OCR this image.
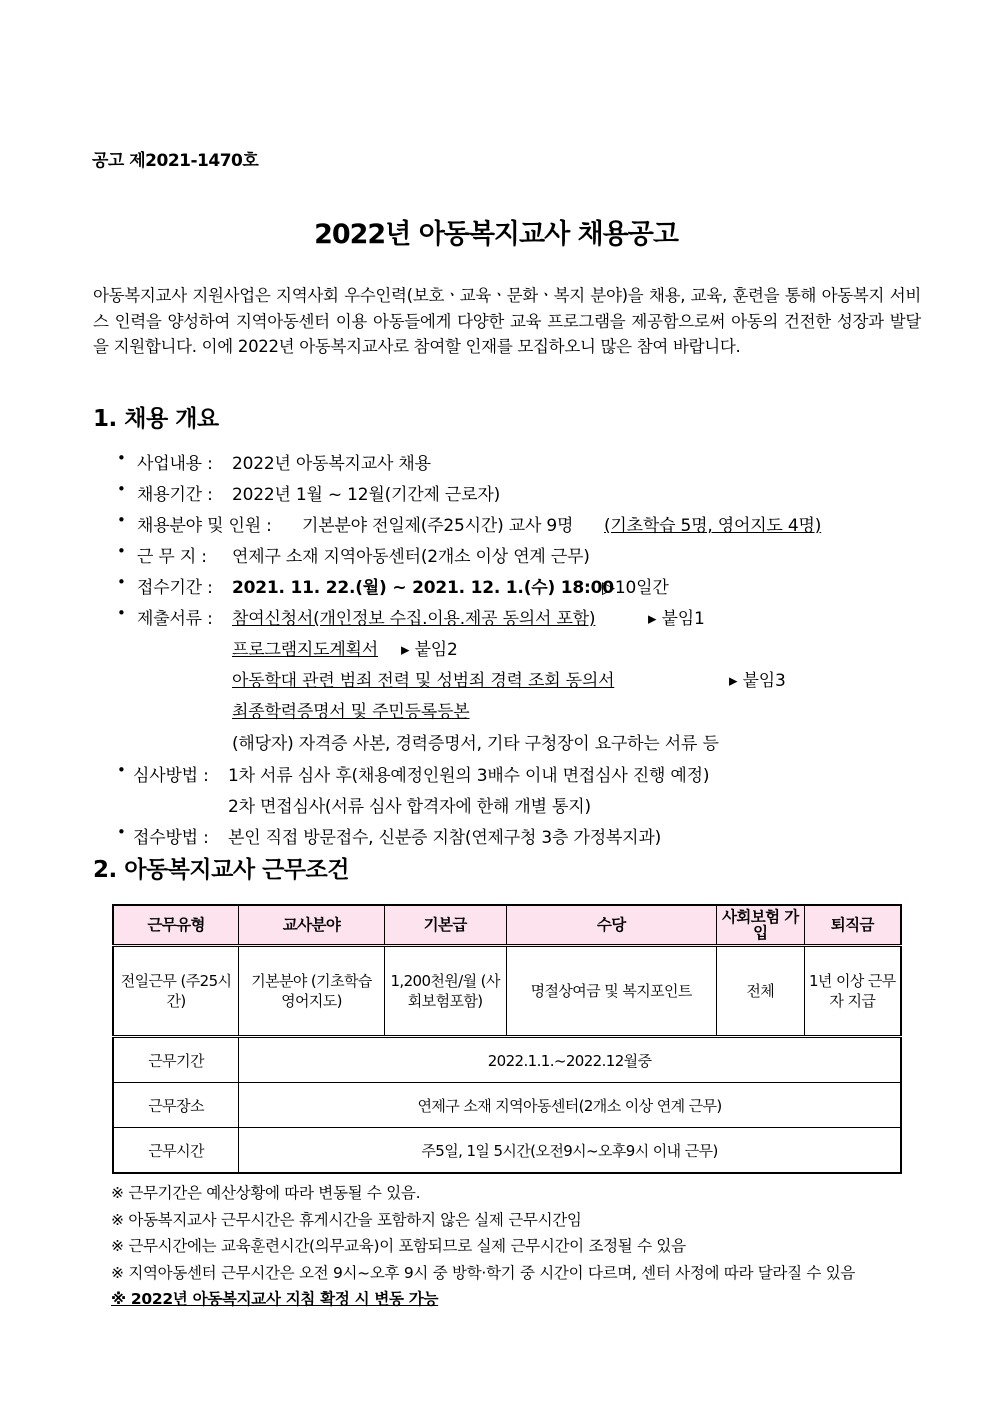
공고 제2021-1470호
2022년 아동복지교사 채용공고
아동복지교사 지원사업은 지역사회 우수인력(보호ㆍ교육ㆍ문화ㆍ복지 분야)을 채용, 교육, 훈련을 통해 아동복지 서비스 인력을 양성하여 지역아동센터 이용 아동들에게 다양한 교육 프로그램을 제공함으로써 아동의 건전한 성장과 발달을 지원합니다. 이에 2022년 아동복지교사로 참여할 인재를 모집하오니 많은 참여 바랍니다.
1. 채용 개요
• 사업내용 : 2022년 아동복지교사 채용
• 채용기간 : 2022년 1월 ~ 12월(기간제 근로자)
• 채용분야 및 인원 : 기본분야 전일제(주25시간) 교사 9명 (기초학습 5명, 영어지도 4명)
• 근 무 지 : 연제구 소재 지역아동센터(2개소 이상 연계 근무)
• 접수기간 : 2021. 11. 22.(월) ~ 2021. 12. 1.(수) 18:00
▷10일간
• 제출서류 : 참여신청서(개인정보 수집.이용.제공 동의서 포함)	▸ 붙임1
프로그램지도계획서 ▸ 붙임2
아동학대 관련 범죄 전력 및 성범죄 경력 조회 동의서	▸ 붙임3
최종학력증명서 및 주민등록등본
(해당자) 자격증 사본, 경력증명서, 기타 구청장이 요구하는 서류 등
• 심사방법 : 1차 서류 심사 후(채용예정인원의 3배수 이내 면접심사 진행 예정)
2차 면접심사(서류 심사 합격자에 한해 개별 통지)
• 접수방법 : 본인 직접 방문접수, 신분증 지참(연제구청 3층 가정복지과)
2. 아동복지교사 근무조건
근무유형	교사분야	기본급	수당	사회보험 가입	퇴직금
전일근무 (주25시간)	기본분야 (기초학습 영어지도)	1,200천원/월 (사회보험포함)	명절상여금 및 복지포인트	전체	1년 이상 근무자 지급
근무기간	2022.1.1.~2022.12월중				
근무장소	연제구 소재 지역아동센터(2개소 이상 연계 근무)				
근무시간	주5일, 1일 5시간(오전9시~오후9시 이내 근무)				
※ 근무기간은 예산상황에 따라 변동될 수 있음.
※ 아동복지교사 근무시간은 휴게시간을 포함하지 않은 실제 근무시간임
※ 근무시간에는 교육훈련시간(의무교육)이 포함되므로 실제 근무시간이 조정될 수 있음
※ 지역아동센터 근무시간은 오전 9시~오후 9시 중 방학·학기 중 시간이 다르며, 센터 사정에 따라 달라질 수 있음
※ 2022년 아동복지교사 지침 확정 시 변동 가능
